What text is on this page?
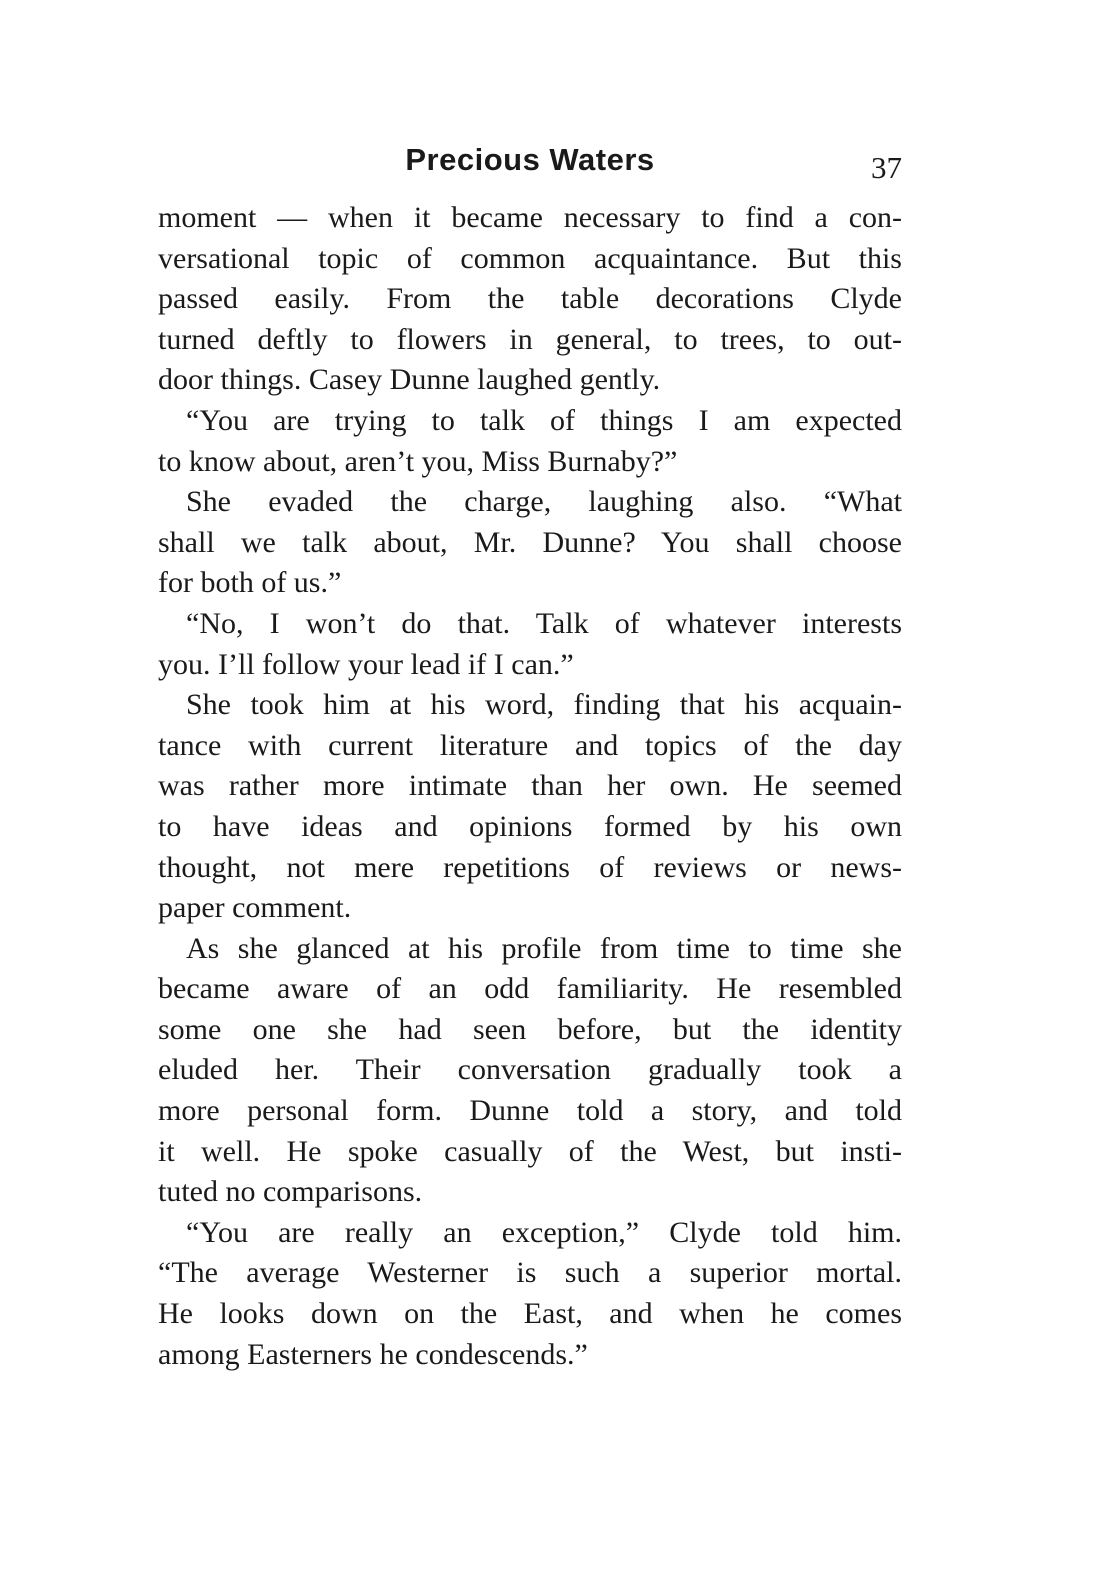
Precious Waters	37
moment — when it became necessary to find a con-
versational topic of common acquaintance. But this
passed easily. From the table decorations Clyde
turned deftly to flowers in general, to trees, to out-
door things. Casey Dunne laughed gently.
“You are trying to talk of things I am expected
to know about, aren’t you, Miss Burnaby?”
She evaded the charge, laughing also. “What
shall we talk about, Mr. Dunne? You shall choose
for both of us.”
“No, I won’t do that. Talk of whatever interests
you. I’ll follow your lead if I can.”
She took him at his word, finding that his acquain-
tance with current literature and topics of the day
was rather more intimate than her own. He seemed
to have ideas and opinions formed by his own
thought, not mere repetitions of reviews or news-
paper comment.
As she glanced at his profile from time to time she
became aware of an odd familiarity. He resembled
some one she had seen before, but the identity
eluded her. Their conversation gradually took a
more personal form. Dunne told a story, and told
it well. He spoke casually of the West, but insti-
tuted no comparisons.
“You are really an exception,” Clyde told him.
“The average Westerner is such a superior mortal.
He looks down on the East, and when he comes
among Easterners he condescends.”
